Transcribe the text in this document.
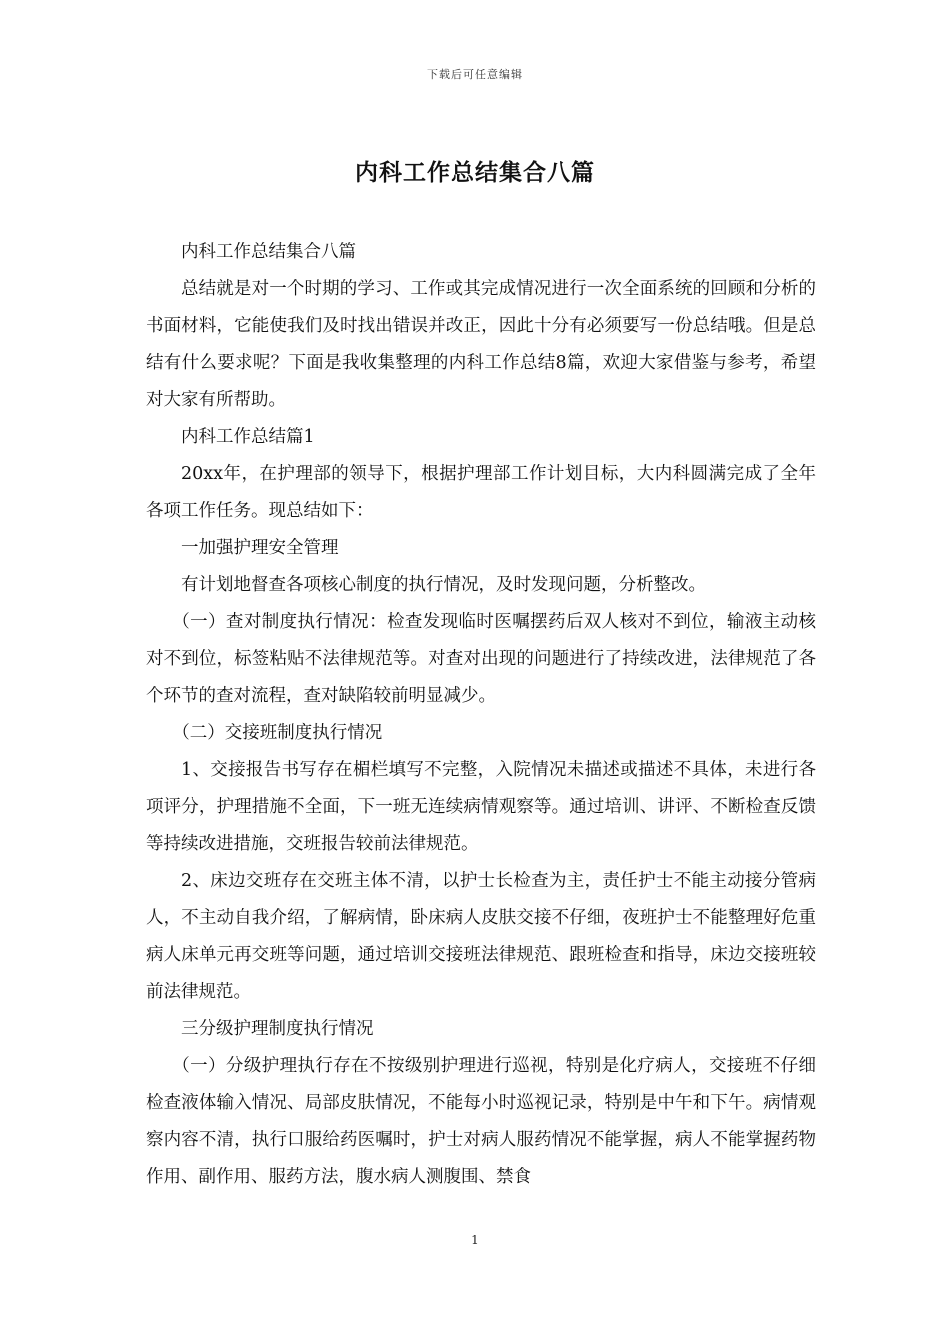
下载后可任意编辑
内科工作总结集合八篇

内科工作总结集合八篇

总结就是对一个时期的学习、工作或其完成情况进行一次全面系统的回顾和分析的书面材料，它能使我们及时找出错误并改正，因此十分有必须要写一份总结哦。但是总结有什么要求呢？下面是我收集整理的内科工作总结8篇，欢迎大家借鉴与参考，希望对大家有所帮助。

内科工作总结篇1

20xx年，在护理部的领导下，根据护理部工作计划目标，大内科圆满完成了全年各项工作任务。现总结如下：

一加强护理安全管理

有计划地督查各项核心制度的执行情况，及时发现问题，分析整改。

（一）查对制度执行情况：检查发现临时医嘱摆药后双人核对不到位，输液主动核对不到位，标签粘贴不法律规范等。对查对出现的问题进行了持续改进，法律规范了各个环节的查对流程，查对缺陷较前明显减少。

（二）交接班制度执行情况

1、交接报告书写存在楣栏填写不完整，入院情况未描述或描述不具体，未进行各项评分，护理措施不全面，下一班无连续病情观察等。通过培训、讲评、不断检查反馈等持续改进措施，交班报告较前法律规范。

2、床边交班存在交班主体不清，以护士长检查为主，责任护士不能主动接分管病人，不主动自我介绍，了解病情，卧床病人皮肤交接不仔细，夜班护士不能整理好危重病人床单元再交班等问题，通过培训交接班法律规范、跟班检查和指导，床边交接班较前法律规范。

三分级护理制度执行情况

（一）分级护理执行存在不按级别护理进行巡视，特别是化疗病人，交接班不仔细检查液体输入情况、局部皮肤情况，不能每小时巡视记录，特别是中午和下午。病情观察内容不清，执行口服给药医嘱时，护士对病人服药情况不能掌握，病人不能掌握药物作用、副作用、服药方法，腹水病人测腹围、禁食

1
